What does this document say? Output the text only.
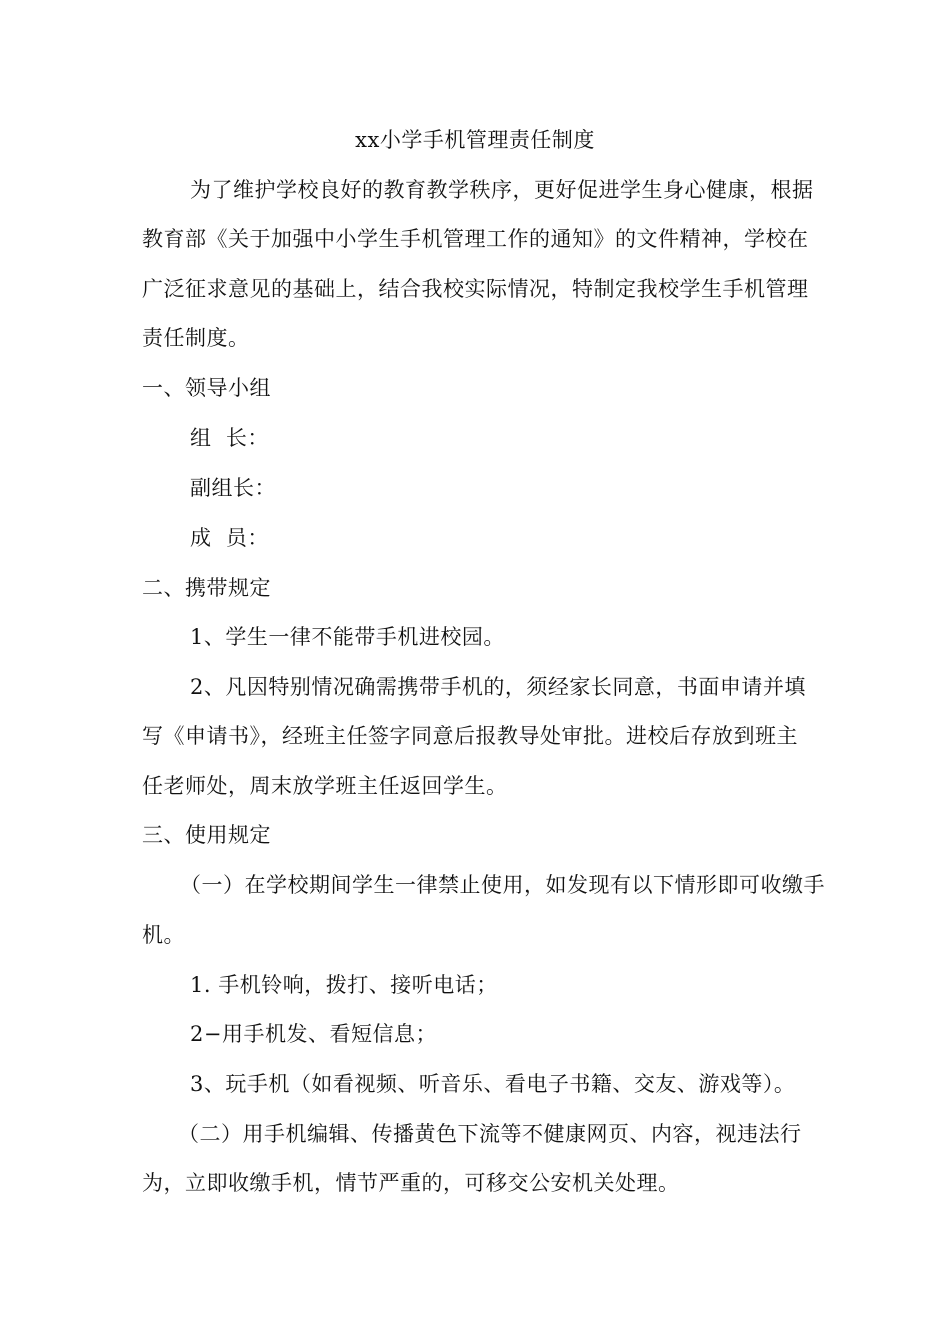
xx小学手机管理责任制度
为了维护学校良好的教育教学秩序，更好促进学生身心健康，根据
教育部《关于加强中小学生手机管理工作的通知》的文件精神，学校在
广泛征求意见的基础上，结合我校实际情况，特制定我校学生手机管理
责任制度。
一、领导小组
组  长：
副组长：
成  员：
二、携带规定
1、学生一律不能带手机进校园。
2、凡因特别情况确需携带手机的，须经家长同意，书面申请并填
写《申请书》，经班主任签字同意后报教导处审批。进校后存放到班主
任老师处，周末放学班主任返回学生。
三、使用规定
（一）在学校期间学生一律禁止使用，如发现有以下情形即可收缴手
机。
1. 手机铃响，拨打、接听电话；
2−用手机发、看短信息；
3、玩手机（如看视频、听音乐、看电子书籍、交友、游戏等）。
（二）用手机编辑、传播黄色下流等不健康网页、内容，视违法行
为，立即收缴手机，情节严重的，可移交公安机关处理。
